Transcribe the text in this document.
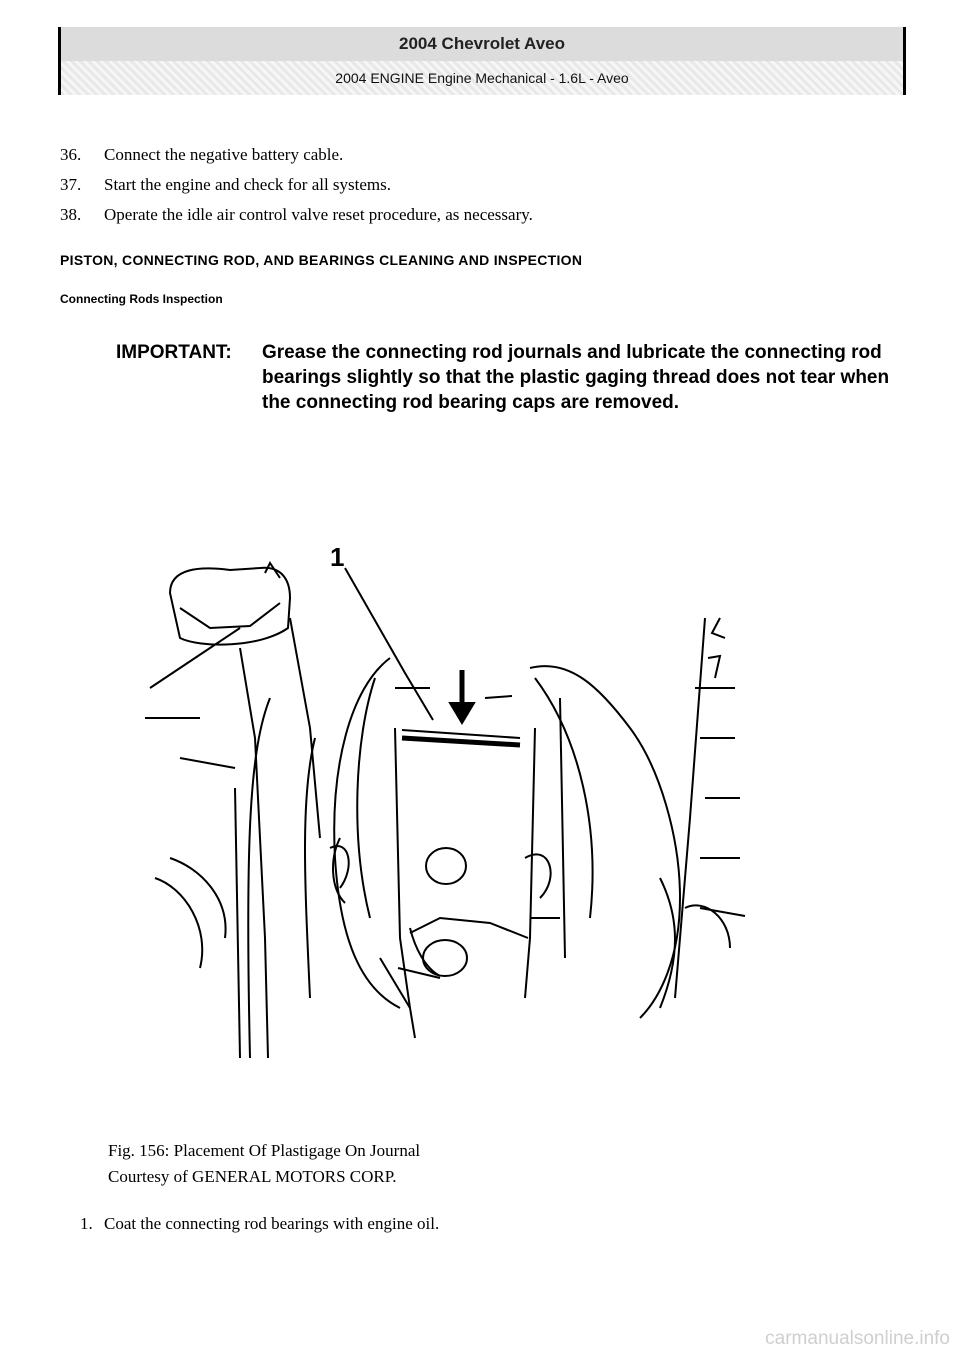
2004 Chevrolet Aveo
2004 ENGINE Engine Mechanical - 1.6L - Aveo
36.	Connect the negative battery cable.
37.	Start the engine and check for all systems.
38.	Operate the idle air control valve reset procedure, as necessary.
PISTON, CONNECTING ROD, AND BEARINGS CLEANING AND INSPECTION
Connecting Rods Inspection
IMPORTANT:	Grease the connecting rod journals and lubricate the connecting rod bearings slightly so that the plastic gaging thread does not tear when the connecting rod bearing caps are removed.
1
Fig. 156: Placement Of Plastigage On Journal
Courtesy of GENERAL MOTORS CORP.
1. Coat the connecting rod bearings with engine oil.
carmanualsonline.info
